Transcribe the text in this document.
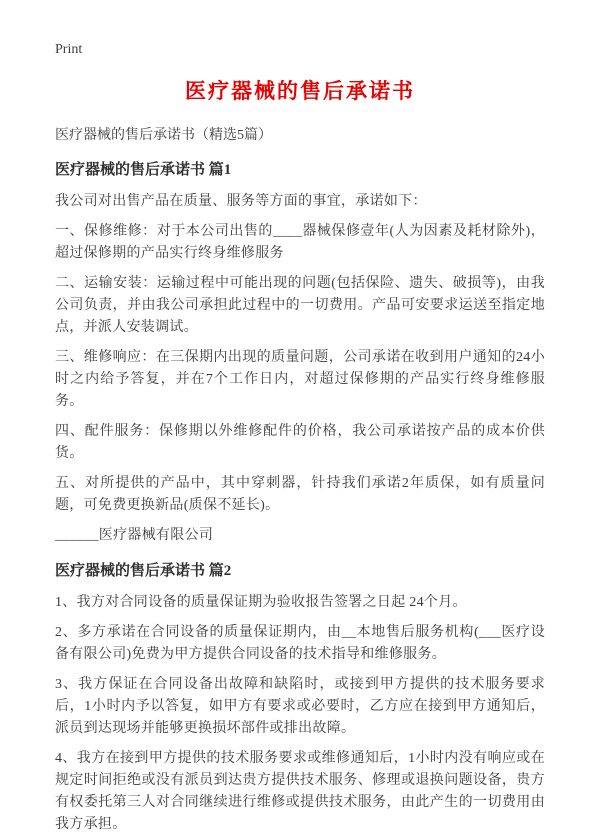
Print
医疗器械的售后承诺书

医疗器械的售后承诺书（精选5篇）

医疗器械的售后承诺书 篇1

我公司对出售产品在质量、服务等方面的事宜，承诺如下：

一、保修维修：对于本公司出售的____器械保修壹年(人为因素及耗材除外)，超过保修期的产品实行终身维修服务

二、运输安装：运输过程中可能出现的问题(包括保险、遗失、破损等)，由我公司负责，并由我公司承担此过程中的一切费用。产品可安要求运送至指定地点，并派人安装调试。

三、维修响应：在三保期内出现的质量问题，公司承诺在收到用户通知的24小时之内给予答复，并在7个工作日内，对超过保修期的产品实行终身维修服务。

四、配件服务：保修期以外维修配件的价格，我公司承诺按产品的成本价供货。

五、对所提供的产品中，其中穿刺器，针持我们承诺2年质保，如有质量问题，可免费更换新品(质保不延长)。

______医疗器械有限公司

医疗器械的售后承诺书 篇2

1、我方对合同设备的质量保证期为验收报告签署之日起 24个月。

2、多方承诺在合同设备的质量保证期内，由__本地售后服务机构(___医疗设备有限公司)免费为甲方提供合同设备的技术指导和维修服务。

3、我方保证在合同设备出故障和缺陷时，或接到甲方提供的技术服务要求后，1小时内予以答复，如甲方有要求或必要时，乙方应在接到甲方通知后，派员到达现场并能够更换损坏部件或排出故障。

4、我方在接到甲方提供的技术服务要求或维修通知后，1小时内没有响应或在规定时间拒绝或没有派员到达贵方提供技术服务、修理或退换问题设备，贵方有权委托第三人对合同继续进行维修或提供技术服务，由此产生的一切费用由我方承担。
